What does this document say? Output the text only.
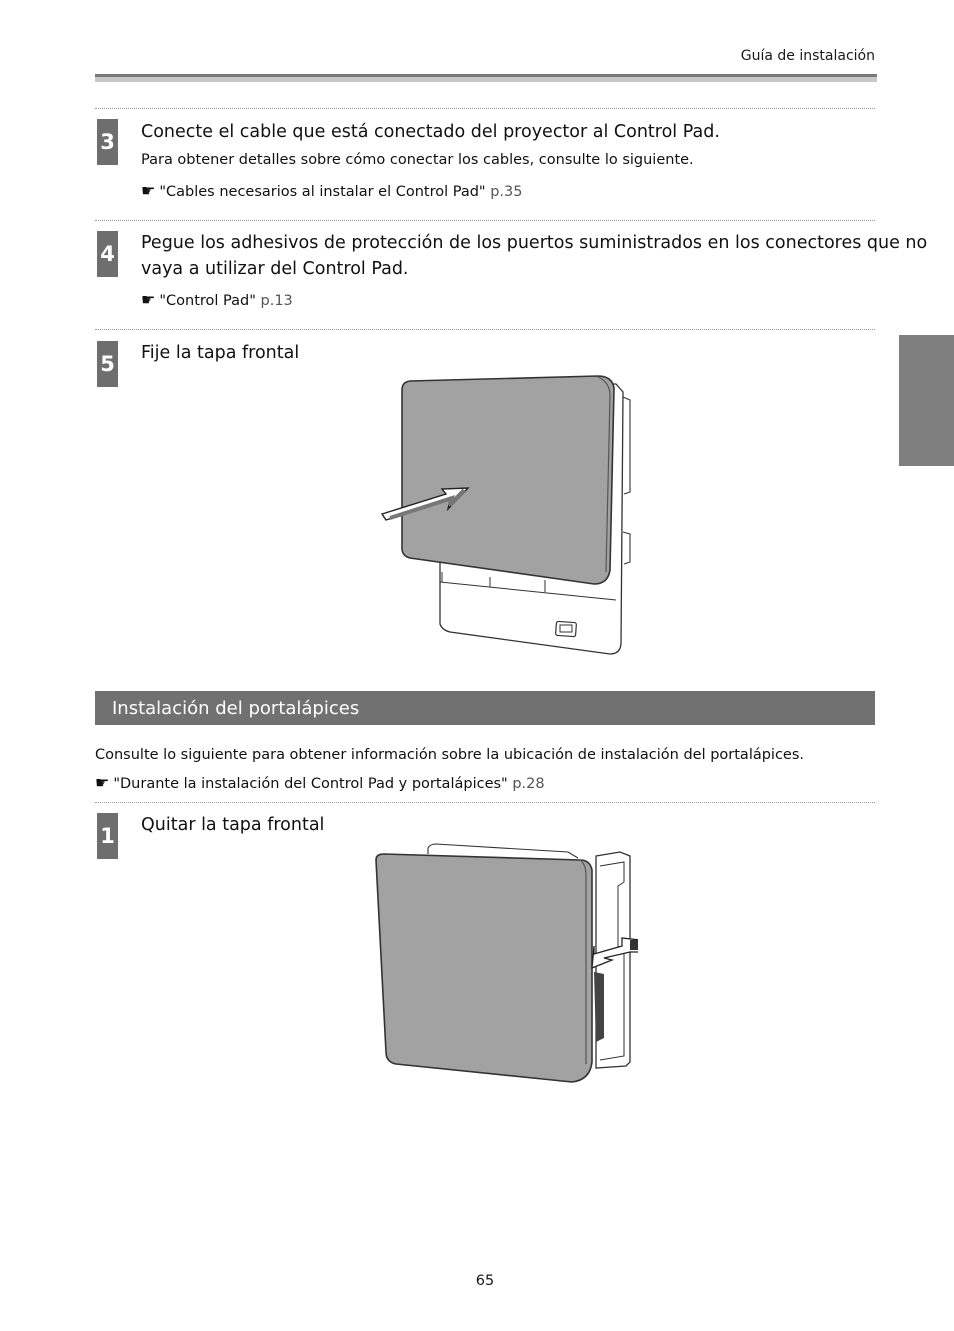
Guía de instalación
3 Conecte el cable que está conectado del proyector al Control Pad.
Para obtener detalles sobre cómo conectar los cables, consulte lo siguiente.
☛ "Cables necesarios al instalar el Control Pad" p.35
4 Pegue los adhesivos de protección de los puertos suministrados en los conectores que no
vaya a utilizar del Control Pad.
☛ "Control Pad" p.13
5 Fije la tapa frontal
Instalación del portalápices
Consulte lo siguiente para obtener información sobre la ubicación de instalación del portalápices.
☛ "Durante la instalación del Control Pad y portalápices" p.28
1 Quitar la tapa frontal
65
